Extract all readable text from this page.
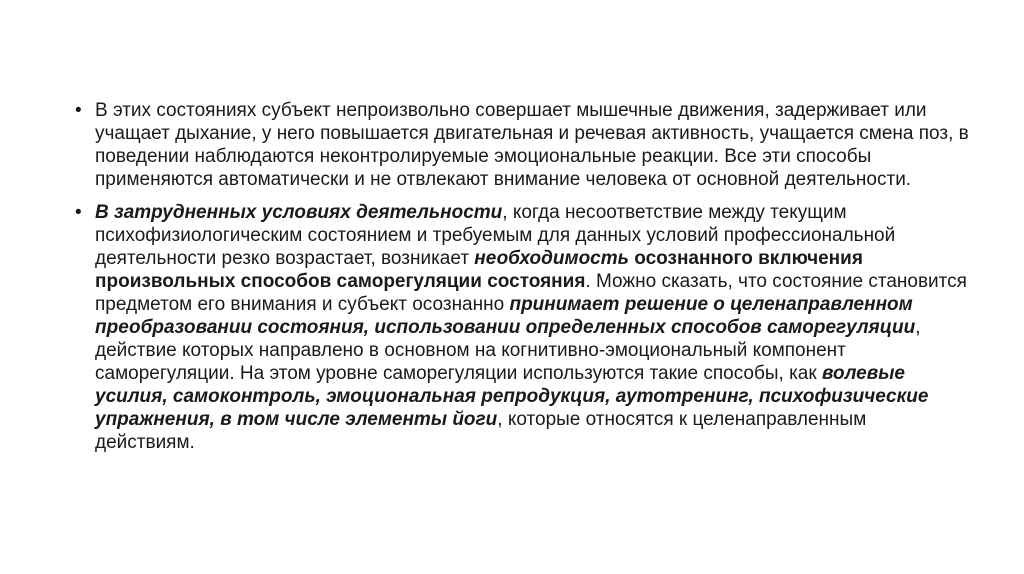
• В этих состояниях субъект непроизвольно совершает мышечные движения, задерживает или учащает дыхание, у него повышается двигательная и речевая активность, учащается смена поз, в поведении наблюдаются неконтролируемые эмоциональные реакции. Все эти способы применяются автоматически и не отвлекают внимание человека от основной деятельности.
• В затрудненных условиях деятельности, когда несоответствие между текущим психофизиологическим состоянием и требуемым для данных условий профессиональной деятельности резко возрастает, возникает необходимость осознанного включения произвольных способов саморегуляции состояния. Можно сказать, что состояние становится предметом его внимания и субъект осознанно принимает решение о целенаправленном преобразовании состояния, использовании определенных способов саморегуляции, действие которых направлено в основном на когнитивно-эмоциональный компонент саморегуляции. На этом уровне саморегуляции используются такие способы, как волевые усилия, самоконтроль, эмоциональная репродукция, аутотренинг, психофизические упражнения, в том числе элементы йоги, которые относятся к целенаправленным действиям.
